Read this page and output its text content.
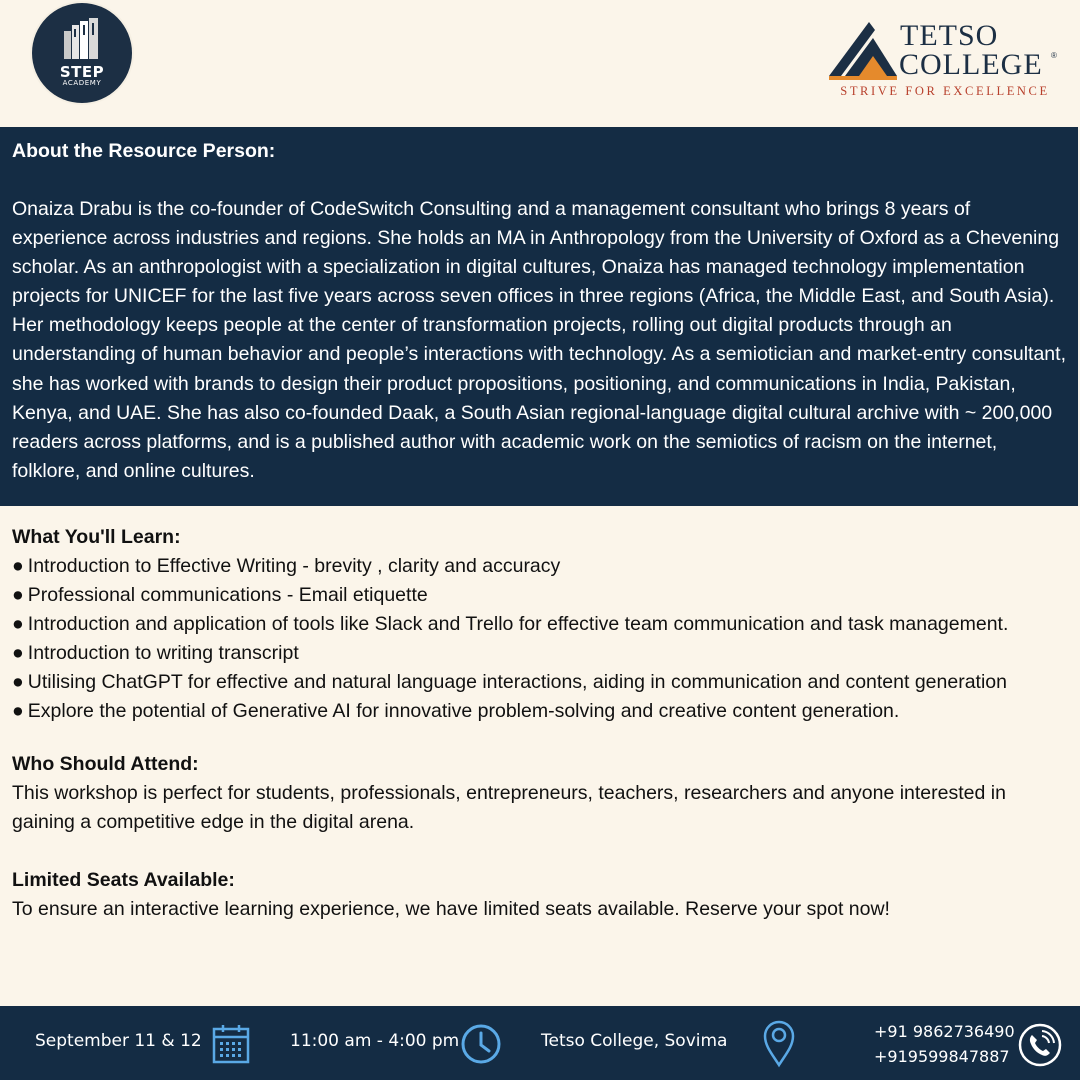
STEP
ACADEMY
TETSO
COLLEGE ®
STRIVE FOR EXCELLENCE
About the Resource Person:

Onaiza Drabu is the co-founder of CodeSwitch Consulting and a management consultant who brings 8 years of experience across industries and regions. She holds an MA in Anthropology from the University of Oxford as a Chevening scholar. As an anthropologist with a specialization in digital cultures, Onaiza has managed technology implementation projects for UNICEF for the last five years across seven offices in three regions (Africa, the Middle East, and South Asia). Her methodology keeps people at the center of transformation projects, rolling out digital products through an understanding of human behavior and people’s interactions with technology. As a semiotician and market-entry consultant, she has worked with brands to design their product propositions, positioning, and communications in India, Pakistan, Kenya, and UAE. She has also co-founded Daak, a South Asian regional-language digital cultural archive with ~ 200,000 readers across platforms, and is a published author with academic work on the semiotics of racism on the internet, folklore, and online cultures.

What You'll Learn:
● Introduction to Effective Writing - brevity , clarity and accuracy
● Professional communications - Email etiquette
● Introduction and application of tools like Slack and Trello for effective team communication and task management.
● Introduction to writing transcript
● Utilising ChatGPT for effective and natural language interactions, aiding in communication and content generation
● Explore the potential of Generative AI for innovative problem-solving and creative content generation.
Who Should Attend:
This workshop is perfect for students, professionals, entrepreneurs, teachers, researchers and anyone interested in gaining a competitive edge in the digital arena.
Limited Seats Available:
To ensure an interactive learning experience, we have limited seats available. Reserve your spot now!
September 11 & 12	11:00 am - 4:00 pm	Tetso College, Sovima	+91 9862736490
+919599847887
